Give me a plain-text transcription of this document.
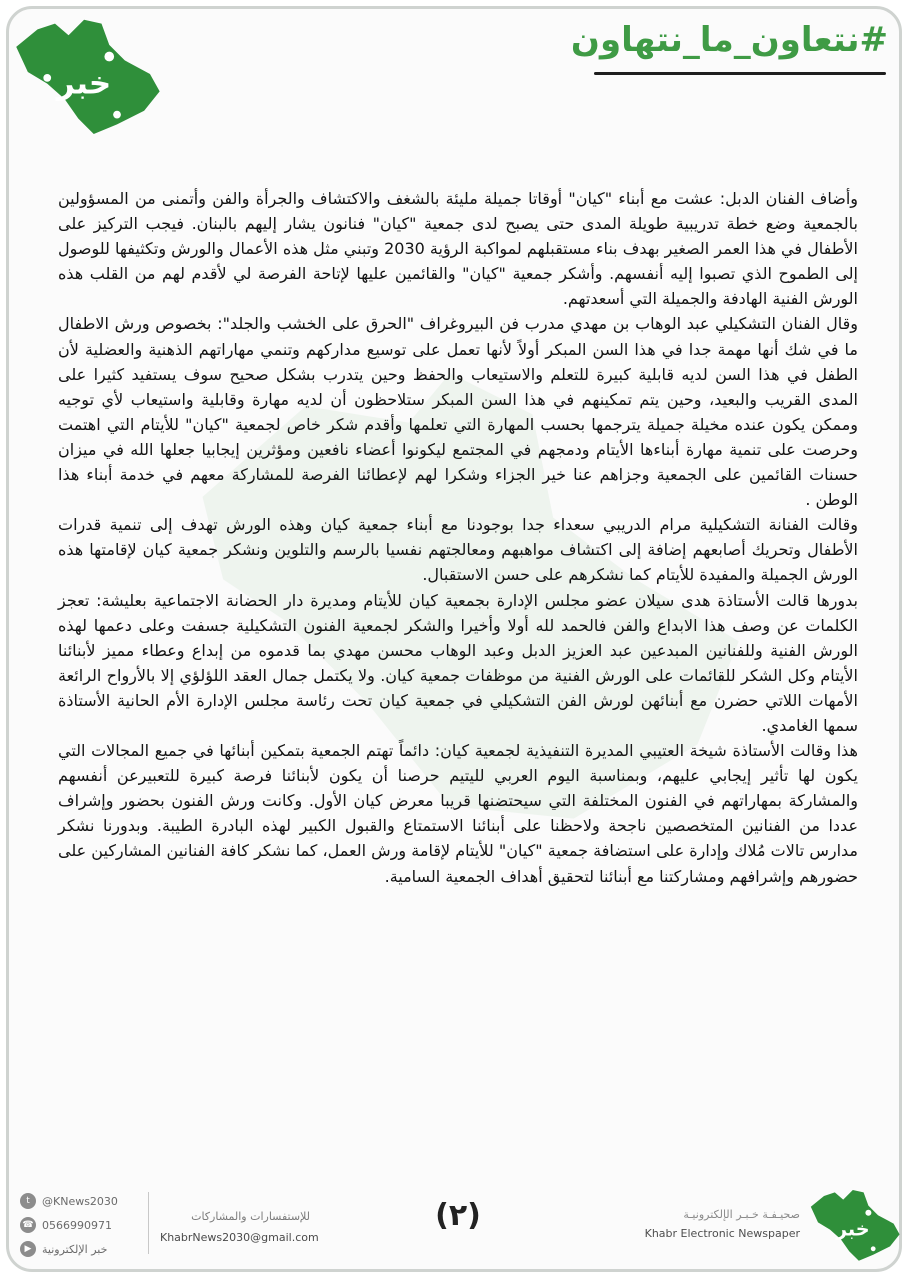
خبر
#نتعاون_ما_نتهاون

وأضاف الفنان الدبل: عشت مع أبناء "كيان" أوقاتا جميلة مليئة بالشغف والاكتشاف والجرأة والفن وأتمنى من المسؤولين بالجمعية وضع خطة تدريبية طويلة المدى حتى يصبح لدى جمعية "كيان" فنانون يشار إليهم بالبنان. فيجب التركيز على الأطفال في هذا العمر الصغير بهدف بناء مستقبلهم لمواكبة الرؤية 2030 وتبني مثل هذه الأعمال والورش وتكثيفها للوصول إلى الطموح الذي تصبوا إليه أنفسهم. وأشكر جمعية "كيان" والقائمين عليها لإتاحة الفرصة لي لأقدم لهم من القلب هذه الورش الفنية الهادفة والجميلة التي أسعدتهم.

وقال الفنان التشكيلي عبد الوهاب بن مهدي مدرب فن البيروغراف "الحرق على الخشب والجلد": بخصوص ورش الاطفال ما في شك أنها مهمة جدا في هذا السن المبكر أولاً لأنها تعمل على توسيع مداركهم وتنمي مهاراتهم الذهنية والعضلية لأن الطفل في هذا السن لديه قابلية كبيرة للتعلم والاستيعاب والحفظ وحين يتدرب بشكل صحيح سوف يستفيد كثيرا على المدى القريب والبعيد، وحين يتم تمكينهم في هذا السن المبكر ستلاحظون أن لديه مهارة وقابلية واستيعاب لأي توجيه وممكن يكون عنده مخيلة جميلة يترجمها بحسب المهارة التي تعلمها وأقدم شكر خاص لجمعية "كيان" للأيتام التي اهتمت وحرصت على تنمية مهارة أبناءها الأيتام ودمجهم في المجتمع ليكونوا أعضاء نافعين ومؤثرين إيجابيا جعلها الله في ميزان حسنات القائمين على الجمعية وجزاهم عنا خير الجزاء وشكرا لهم لإعطائنا الفرصة للمشاركة معهم في خدمة أبناء هذا الوطن .

وقالت الفنانة التشكيلية مرام الدريبي سعداء جدا بوجودنا مع أبناء جمعية كيان وهذه الورش تهدف إلى تنمية قدرات الأطفال وتحريك أصابعهم إضافة إلى اكتشاف مواهبهم ومعالجتهم نفسيا بالرسم والتلوين ونشكر جمعية كيان لإقامتها هذه الورش الجميلة والمفيدة للأيتام كما نشكرهم على حسن الاستقبال.

بدورها قالت الأستاذة هدى سيلان عضو مجلس الإدارة بجمعية كيان للأيتام ومديرة دار الحضانة الاجتماعية بعليشة: تعجز الكلمات عن وصف هذا الابداع والفن فالحمد لله أولا وأخيرا والشكر لجمعية الفنون التشكيلية جسفت وعلى دعمها لهذه الورش الفنية وللفنانين المبدعين عبد العزيز الدبل وعبد الوهاب محسن مهدي بما قدموه من إبداع وعطاء مميز لأبنائنا الأيتام وكل الشكر للقائمات على الورش الفنية من موظفات جمعية كيان. ولا يكتمل جمال العقد اللؤلؤي إلا بالأرواح الرائعة الأمهات اللاتي حضرن مع أبنائهن لورش الفن التشكيلي في جمعية كيان تحت رئاسة مجلس الإدارة الأم الحانية الأستاذة سمها الغامدي.

هذا وقالت الأستاذة شيخة العتيبي المديرة التنفيذية لجمعية كيان: دائماً تهتم الجمعية بتمكين أبنائها في جميع المجالات التي يكون لها تأثير إيجابي عليهم، وبمناسبة اليوم العربي لليتيم حرصنا أن يكون لأبنائنا فرصة كبيرة للتعبيرعن أنفسهم والمشاركة بمهاراتهم في الفنون المختلفة التي سيحتضنها قريبا معرض كيان الأول. وكانت ورش الفنون بحضور وإشراف عددا من الفنانين المتخصصين ناجحة ولاحظنا على أبنائنا الاستمتاع والقبول الكبير لهذه البادرة الطيبة. وبدورنا نشكر مدارس تالات مُلاك وإدارة على استضافة جمعية "كيان" للأيتام لإقامة ورش العمل، كما نشكر كافة الفنانين المشاركين على حضورهم وإشرافهم ومشاركتنا مع أبنائنا لتحقيق أهداف الجمعية السامية.

t	@KNews2030
☎ 0566990971
▶ خبر الإلكترونية
للإستفسارات والمشاركات
KhabrNews2030@gmail.com
(٢)	صحيـفـة خـبـر الإلكترونيـة
Khabr Electronic Newspaper خبر
